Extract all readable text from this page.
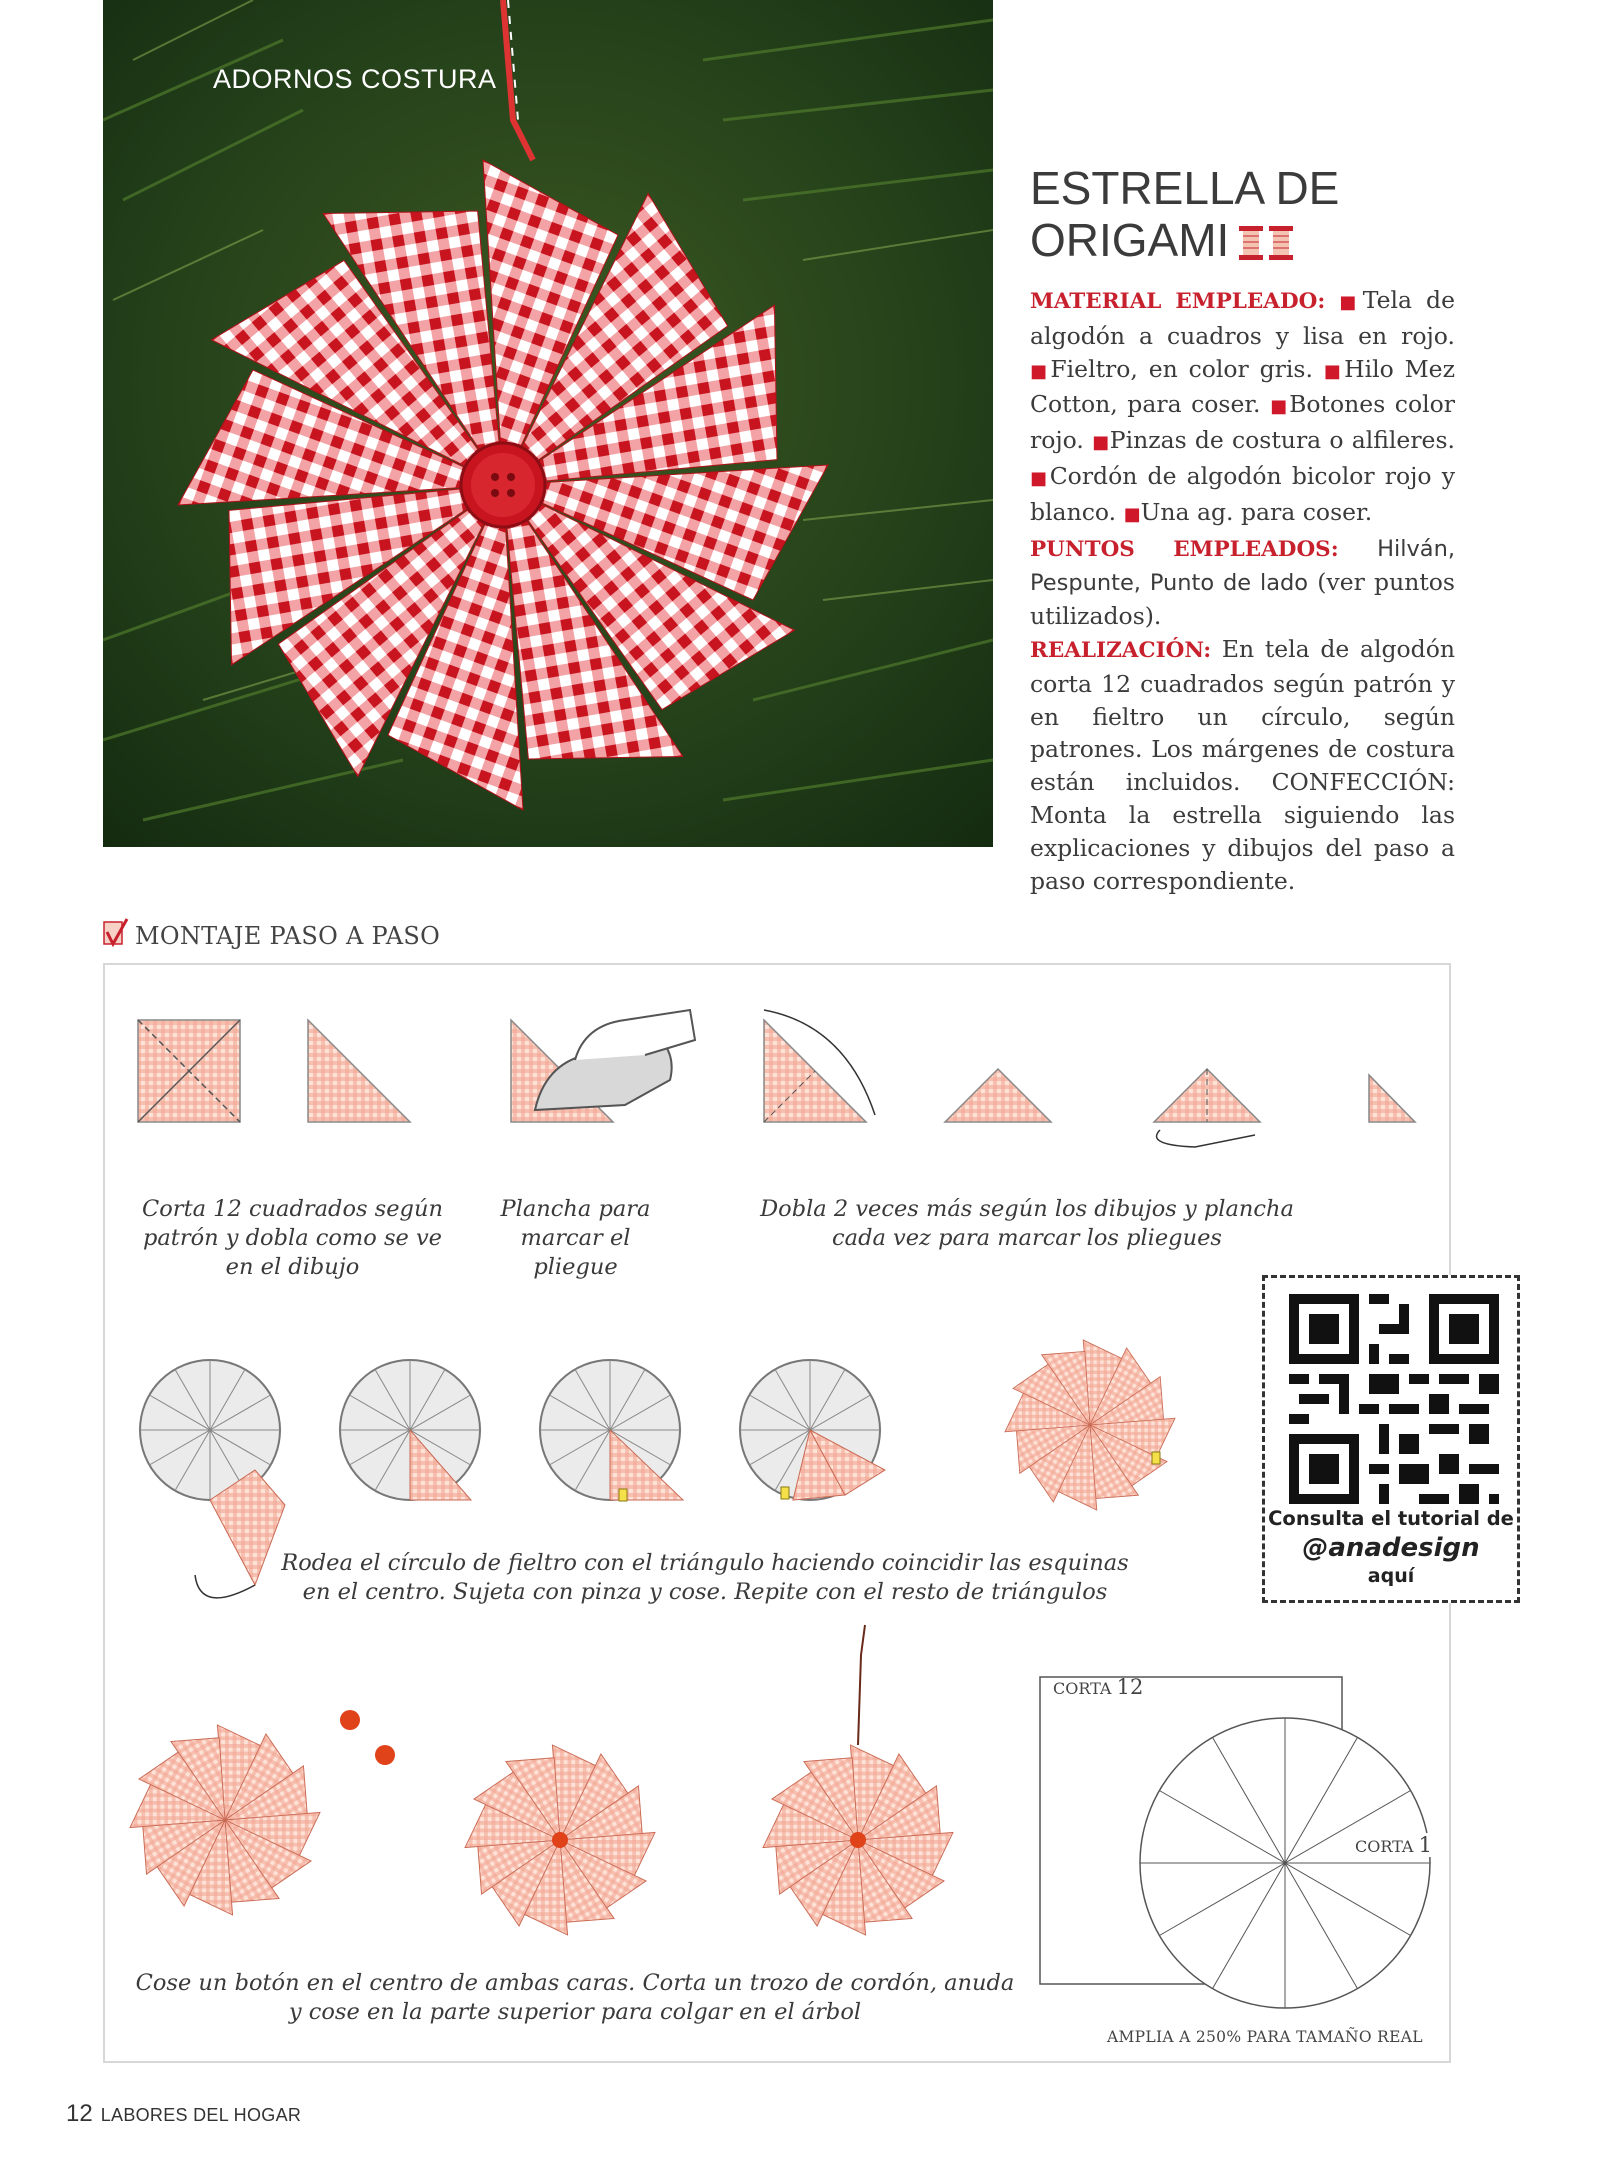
ADORNOS COSTURA
ESTRELLA DE
ORIGAMI
MATERIAL EMPLEADO: ■Tela de algodón a cuadros y lisa en rojo. ■Fieltro, en color gris. ■Hilo Mez Cotton, para coser. ■Botones color rojo. ■Pinzas de costura o alfileres. ■Cordón de algodón bicolor rojo y blanco. ■Una ag. para coser.
PUNTOS EMPLEADOS: Hilván, Pespunte, Punto de lado (ver puntos utilizados).
REALIZACIÓN: En tela de algodón corta 12 cuadrados según patrón y en fieltro un círculo, según patrones. Los márgenes de costura están incluidos. CONFECCIÓN: Monta la estrella siguiendo las explicaciones y dibujos del paso a paso correspondiente.
MONTAJE PASO A PASO
Corta 12 cuadrados según patrón y dobla como se ve en el dibujo
Plancha para marcar el pliegue
Dobla 2 veces más según los dibujos y plancha cada vez para marcar los pliegues
Rodea el círculo de fieltro con el triángulo haciendo coincidir las esquinas en el centro. Sujeta con pinza y cose. Repite con el resto de triángulos
Cose un botón en el centro de ambas caras. Corta un trozo de cordón, anuda y cose en la parte superior para colgar en el árbol
CORTA 12
CORTA 1
AMPLIA A 250% PARA TAMAÑO REAL
Consulta el tutorial de
@anadesign
aquí
12 LABORES DEL HOGAR
